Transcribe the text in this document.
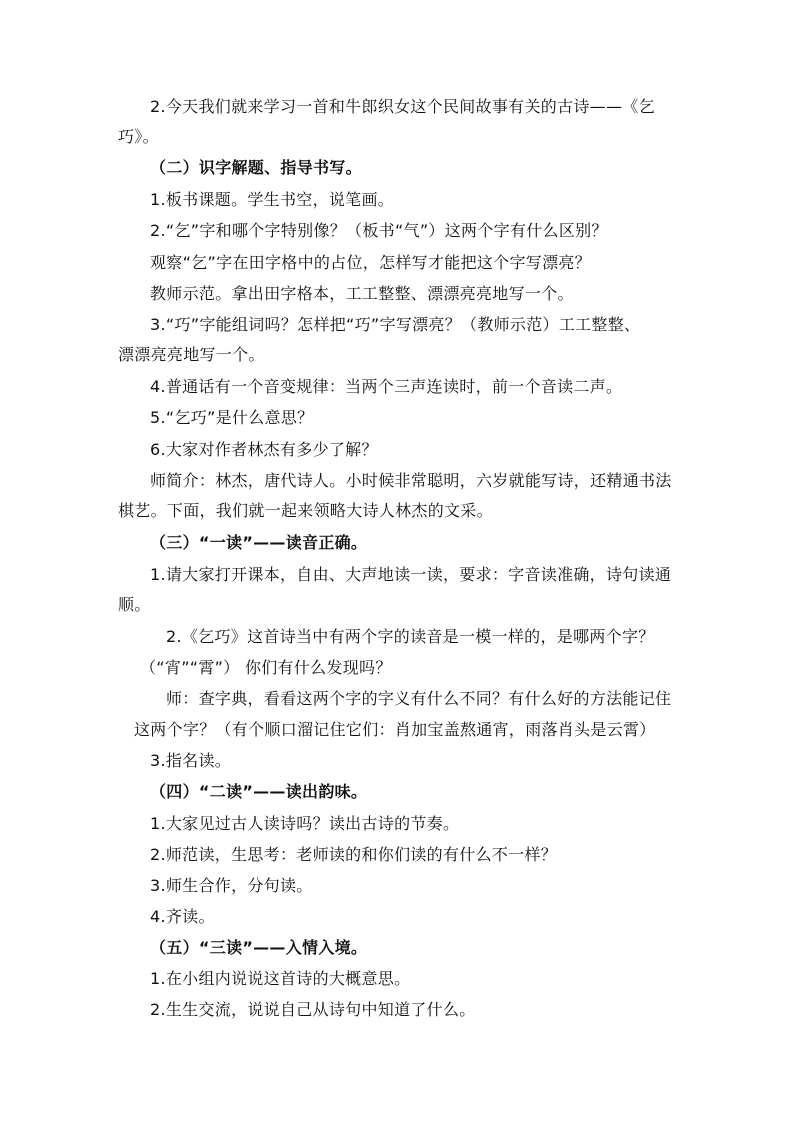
2.今天我们就来学习一首和牛郎织女这个民间故事有关的古诗——《乞
巧》。
（二）识字解题、指导书写。
1.板书课题。学生书空，说笔画。
2.“乞”字和哪个字特别像？（板书“气”）这两个字有什么区别？
观察“乞”字在田字格中的占位，怎样写才能把这个字写漂亮？
教师示范。拿出田字格本，工工整整、漂漂亮亮地写一个。
3.“巧”字能组词吗？怎样把“巧”字写漂亮？（教师示范）工工整整、
漂漂亮亮地写一个。
4.普通话有一个音变规律：当两个三声连读时，前一个音读二声。
5.“乞巧”是什么意思？
6.大家对作者林杰有多少了解？
师简介：林杰，唐代诗人。小时候非常聪明，六岁就能写诗，还精通书法
棋艺。下面，我们就一起来领略大诗人林杰的文采。
（三）“一读”——读音正确。
1.请大家打开课本，自由、大声地读一读，要求：字音读准确，诗句读通
顺。
2.《乞巧》这首诗当中有两个字的读音是一模一样的，是哪两个字？
（“宵”“霄”） 你们有什么发现吗？
师：查字典，看看这两个字的字义有什么不同？有什么好的方法能记住
这两个字？（有个顺口溜记住它们：肖加宝盖熬通宵，雨落肖头是云霄）
3.指名读。
（四）“二读”——读出韵味。
1.大家见过古人读诗吗？读出古诗的节奏。
2.师范读，生思考：老师读的和你们读的有什么不一样？
3.师生合作，分句读。
4.齐读。
（五）“三读”——入情入境。
1.在小组内说说这首诗的大概意思。
2.生生交流，说说自己从诗句中知道了什么。
